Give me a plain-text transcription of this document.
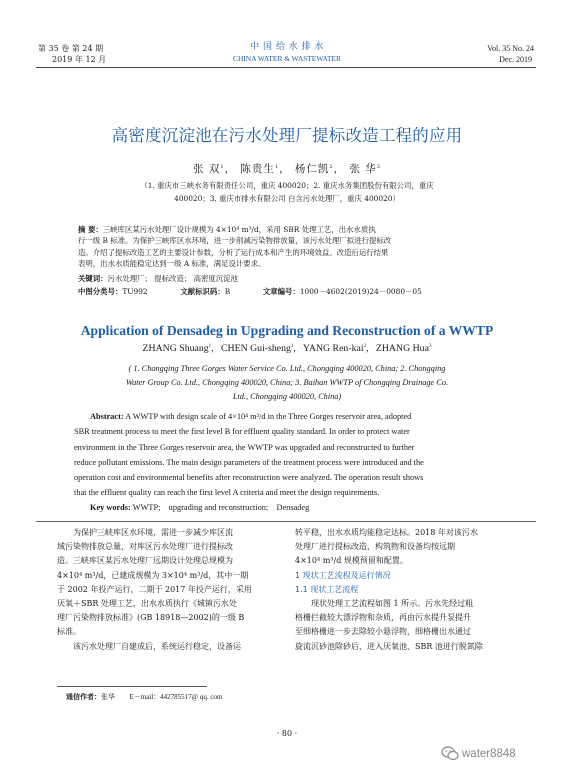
第 35 卷 第 24 期
2019 年 12 月
中 国 给 水 排 水
CHINA WATER & WASTEWATER
Vol. 35 No. 24
Dec. 2019
高密度沉淀池在污水处理厂提标改造工程的应用
张 双$^1$， 陈贵生$^1$， 杨仁凯$^2$， 张 华$^3$
（1. 重庆市三峡水务有限责任公司，重庆 400020；2. 重庆水务集团股份有限公司，重庆
400020；3. 重庆市排水有限公司 白含污水处理厂，重庆 400020）
摘 要：三峡库区某污水处理厂设计规模为 4×10⁴ m³/d，采用 SBR 处理工艺，出水水质执
行一级 B 标准。为保护三峡库区水环境，进一步削减污染物排放量，该污水处理厂拟进行提标改
造。介绍了提标改造工艺的主要设计参数，分析了运行成本和产生的环境效益。改造后运行结果
表明，出水水质能稳定达到一级 A 标准，满足设计要求。
关键词：污水处理厂； 提标改造； 高密度沉淀池
中图分类号：TU992	文献标识码：B	文章编号：1000－4602(2019)24－0080－05
Application of Densadeg in Upgrading and Reconstruction of a WWTP
ZHANG Shuang$^1$,   CHEN Gui-sheng$^1$,   YANG Ren-kai$^2$,   ZHANG Hua$^3$
( 1. Chongqing Three Gorges Water Service Co. Ltd., Chongqing 400020, China; 2. Chongqing
Water Group Co. Ltd., Chongqing 400020, China; 3. Baihan WWTP of Chongqing Drainage Co.
Ltd., Chongqing 400020, China)
Abstract: A WWTP with design scale of 4×10⁴ m³/d in the Three Gorges reservoir area, adopted
SBR treatment process to meet the first level B for effluent quality standard. In order to protect water
environment in the Three Gorges reservoir area, the WWTP was upgraded and reconstructed to further
reduce pollutant emissions. The main design parameters of the treatment process were introduced and the
operation cost and environmental benefits after reconstruction were analyzed. The operation result shows
that the effluent quality can reach the first level A criteria and meet the design requirements.
Key words: WWTP;    upgrading and reconstruction;    Densadeg
为保护三峡库区水环境，需进一步减少库区流
域污染物排放总量，对库区污水处理厂进行提标改
造。三峡库区某污水处理厂远期设计处理总规模为
4×10⁴ m³/d，已建成规模为 3×10⁴ m³/d，其中一期
于 2002 年投产运行，二期于 2017 年投产运行，采用
厌氧＋SBR 处理工艺，出水水质执行《城镇污水处
理厂污染物排放标准》(GB 18918—2002)的一级 B
标准。
该污水处理厂自建成后，系统运行稳定，设备运
转平稳，出水水质均能稳定达标。2018 年对该污水
处理厂进行提标改造，构筑物和设备均按远期
4×10⁴ m³/d 规模预留和配置。
1 现状工艺流程及运行情况
1.1 现状工艺流程
现状处理工艺流程如图 1 所示。污水先经过粗
格栅拦截较大漂浮物和杂质，再由污水提升泵提升
至细格栅进一步去除较小悬浮物，细格栅出水通过
旋流沉砂池除砂后，进入厌氧池、SBR 池进行脱氮除
通信作者：张华 E－mail：442785517@ qq. com
· 80 ·
water8848
